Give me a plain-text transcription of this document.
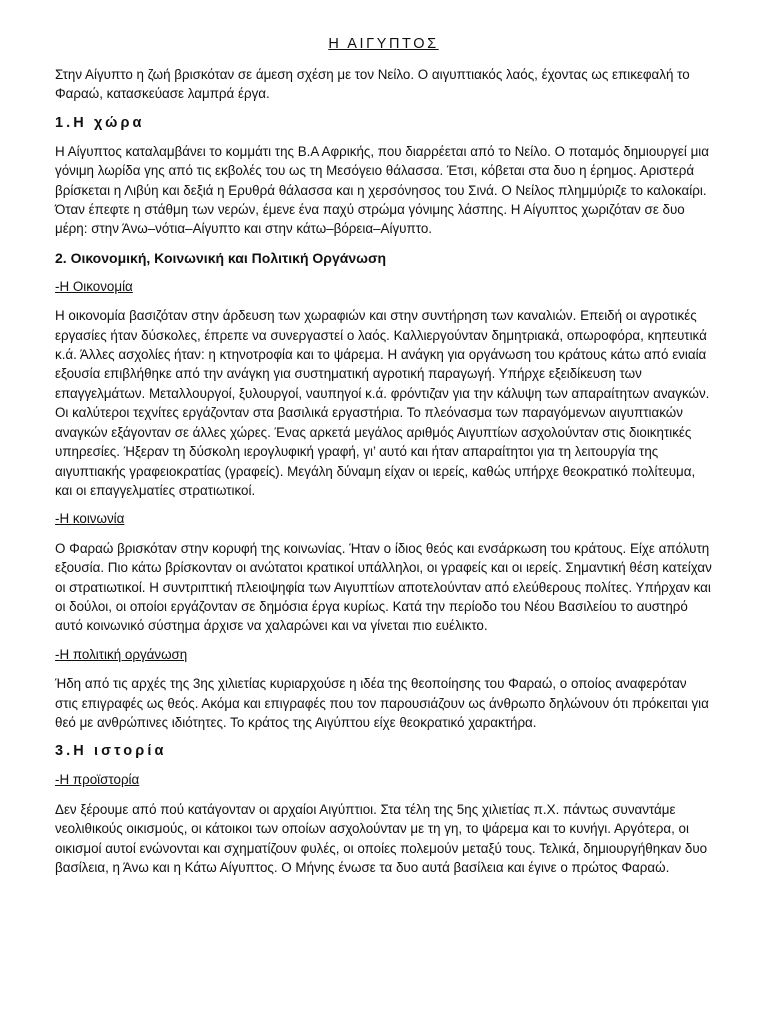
Η ΑΙΓΥΠΤΟΣ

Στην Αίγυπτο η ζωή βρισκόταν σε άμεση σχέση με τον Νείλο. Ο αιγυπτιακός λαός, έχοντας ως επικεφαλή το Φαραώ, κατασκεύασε λαμπρά έργα.

1.Η χώρα

Η Αίγυπτος καταλαμβάνει το κομμάτι της Β.Α Αφρικής, που διαρρέεται από το Νείλο. Ο ποταμός δημιουργεί μια γόνιμη λωρίδα γης από τις εκβολές του ως τη Μεσόγειο θάλασσα. Έτσι, κόβεται στα δυο η έρημος. Αριστερά βρίσκεται η Λιβύη και δεξιά η Ερυθρά θάλασσα και η χερσόνησος του Σινά. Ο Νείλος πλημμύριζε το καλοκαίρι. Όταν έπεφτε η στάθμη των νερών, έμενε ένα παχύ στρώμα γόνιμης λάσπης. Η Αίγυπτος χωριζόταν σε δυο μέρη: στην Άνω–νότια–Αίγυπτο και στην κάτω–βόρεια–Αίγυπτο.

2. Οικονομική, Κοινωνική και Πολιτική Οργάνωση

-Η Οικονομία

Η οικονομία βασιζόταν στην άρδευση των χωραφιών και στην συντήρηση των καναλιών. Επειδή οι αγροτικές εργασίες ήταν δύσκολες, έπρεπε να συνεργαστεί ο λαός. Καλλιεργούνταν δημητριακά, οπωροφόρα, κηπευτικά κ.ά. Άλλες ασχολίες ήταν: η κτηνοτροφία και το ψάρεμα. Η ανάγκη για οργάνωση του κράτους κάτω από ενιαία εξουσία επιβλήθηκε από την ανάγκη για συστηματική αγροτική παραγωγή. Υπήρχε εξειδίκευση των επαγγελμάτων. Μεταλλουργοί, ξυλουργοί, ναυπηγοί κ.ά. φρόντιζαν για την κάλυψη των απαραίτητων αναγκών. Οι καλύτεροι τεχνίτες εργάζονταν στα βασιλικά εργαστήρια. Το πλεόνασμα των παραγόμενων αιγυπτιακών αναγκών εξάγονταν σε άλλες χώρες. Ένας αρκετά μεγάλος αριθμός Αιγυπτίων ασχολούνταν στις διοικητικές υπηρεσίες. Ήξεραν τη δύσκολη ιερογλυφική γραφή, γι’ αυτό και ήταν απαραίτητοι για τη λειτουργία της αιγυπτιακής γραφειοκρατίας (γραφείς). Μεγάλη δύναμη είχαν οι ιερείς, καθώς υπήρχε θεοκρατικό πολίτευμα, και οι επαγγελματίες στρατιωτικοί.

-Η κοινωνία

Ο Φαραώ βρισκόταν στην κορυφή της κοινωνίας. Ήταν ο ίδιος θεός και ενσάρκωση του κράτους. Είχε απόλυτη εξουσία. Πιο κάτω βρίσκονταν οι ανώτατοι κρατικοί υπάλληλοι, οι γραφείς και οι ιερείς. Σημαντική θέση κατείχαν οι στρατιωτικοί. Η συντριπτική πλειοψηφία των Αιγυπτίων αποτελούνταν από ελεύθερους πολίτες. Υπήρχαν και οι δούλοι, οι οποίοι εργάζονταν σε δημόσια έργα κυρίως. Κατά την περίοδο του Νέου Βασιλείου το αυστηρό αυτό κοινωνικό σύστημα άρχισε να χαλαρώνει και να γίνεται πιο ευέλικτο.

-Η πολιτική οργάνωση

Ήδη από τις αρχές της 3ης χιλιετίας κυριαρχούσε η ιδέα της θεοποίησης του Φαραώ, ο οποίος αναφερόταν στις επιγραφές ως θεός. Ακόμα και επιγραφές που τον παρουσιάζουν ως άνθρωπο δηλώνουν ότι πρόκειται για θεό με ανθρώπινες ιδιότητες. Το κράτος της Αιγύπτου είχε θεοκρατικό χαρακτήρα.

3.Η ιστορία

-Η προϊστορία

Δεν ξέρουμε από πού κατάγονταν οι αρχαίοι Αιγύπτιοι. Στα τέλη της 5ης χιλιετίας π.Χ. πάντως συναντάμε νεολιθικούς οικισμούς, οι κάτοικοι των οποίων ασχολούνταν με τη γη, το ψάρεμα και το κυνήγι. Αργότερα, οι οικισμοί αυτοί ενώνονται και σχηματίζουν φυλές, οι οποίες πολεμούν μεταξύ τους. Τελικά, δημιουργήθηκαν δυο βασίλεια, η Άνω και η Κάτω Αίγυπτος. Ο Μήνης ένωσε τα δυο αυτά βασίλεια και έγινε ο πρώτος Φαραώ.
